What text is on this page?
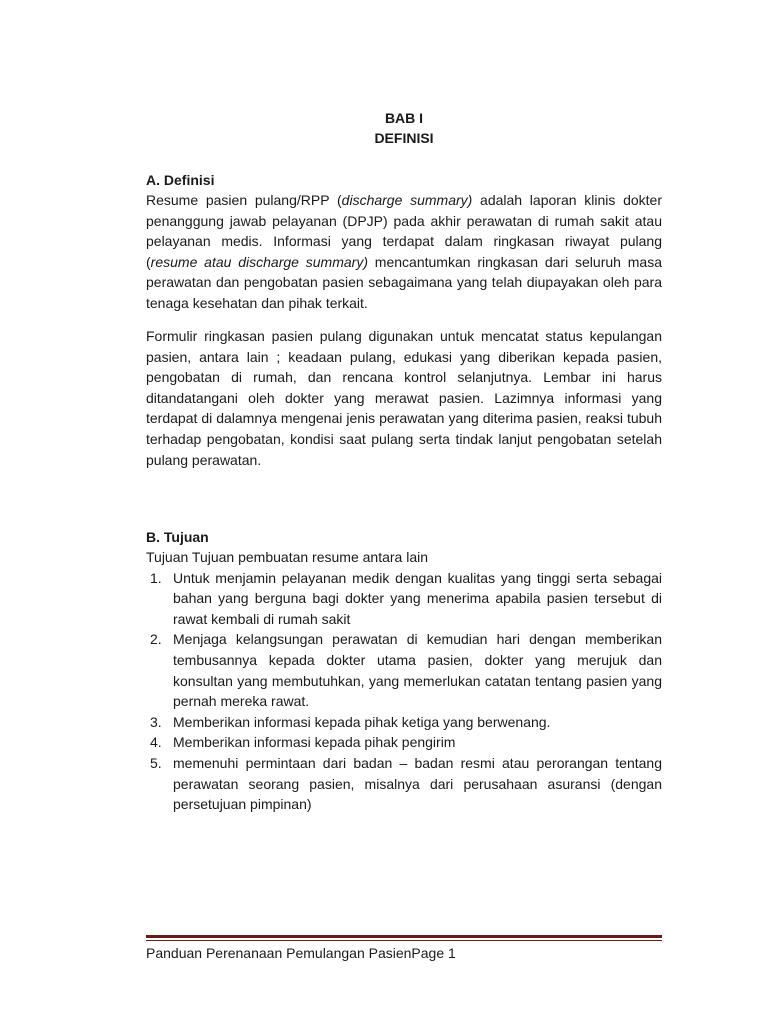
BAB I
DEFINISI

A. Definisi

Resume pasien pulang/RPP (discharge summary) adalah laporan klinis dokter penanggung jawab pelayanan (DPJP) pada akhir perawatan di rumah sakit atau pelayanan medis. Informasi yang terdapat dalam ringkasan riwayat pulang (resume atau discharge summary) mencantumkan ringkasan dari seluruh masa perawatan dan pengobatan pasien sebagaimana yang telah diupayakan oleh para tenaga kesehatan dan pihak terkait.

Formulir ringkasan pasien pulang digunakan untuk mencatat status kepulangan pasien, antara lain ; keadaan pulang, edukasi yang diberikan kepada pasien, pengobatan di rumah, dan rencana kontrol selanjutnya. Lembar ini harus ditandatangani oleh dokter yang merawat pasien. Lazimnya informasi yang terdapat di dalamnya mengenai jenis perawatan yang diterima pasien, reaksi tubuh terhadap pengobatan, kondisi saat pulang serta tindak lanjut pengobatan setelah pulang perawatan.

B. Tujuan

Tujuan Tujuan pembuatan resume antara lain

1. Untuk menjamin pelayanan medik dengan kualitas yang tinggi serta sebagai bahan yang berguna bagi dokter yang menerima apabila pasien tersebut di rawat kembali di rumah sakit
2. Menjaga kelangsungan perawatan di kemudian hari dengan memberikan tembusannya kepada dokter utama pasien, dokter yang merujuk dan konsultan yang membutuhkan, yang memerlukan catatan tentang pasien yang pernah mereka rawat.
3. Memberikan informasi kepada pihak ketiga yang berwenang.
4. Memberikan informasi kepada pihak pengirim
5. memenuhi permintaan dari badan – badan resmi atau perorangan tentang perawatan seorang pasien, misalnya dari perusahaan asuransi (dengan persetujuan pimpinan)
Panduan Perenanaan Pemulangan PasienPage 1
